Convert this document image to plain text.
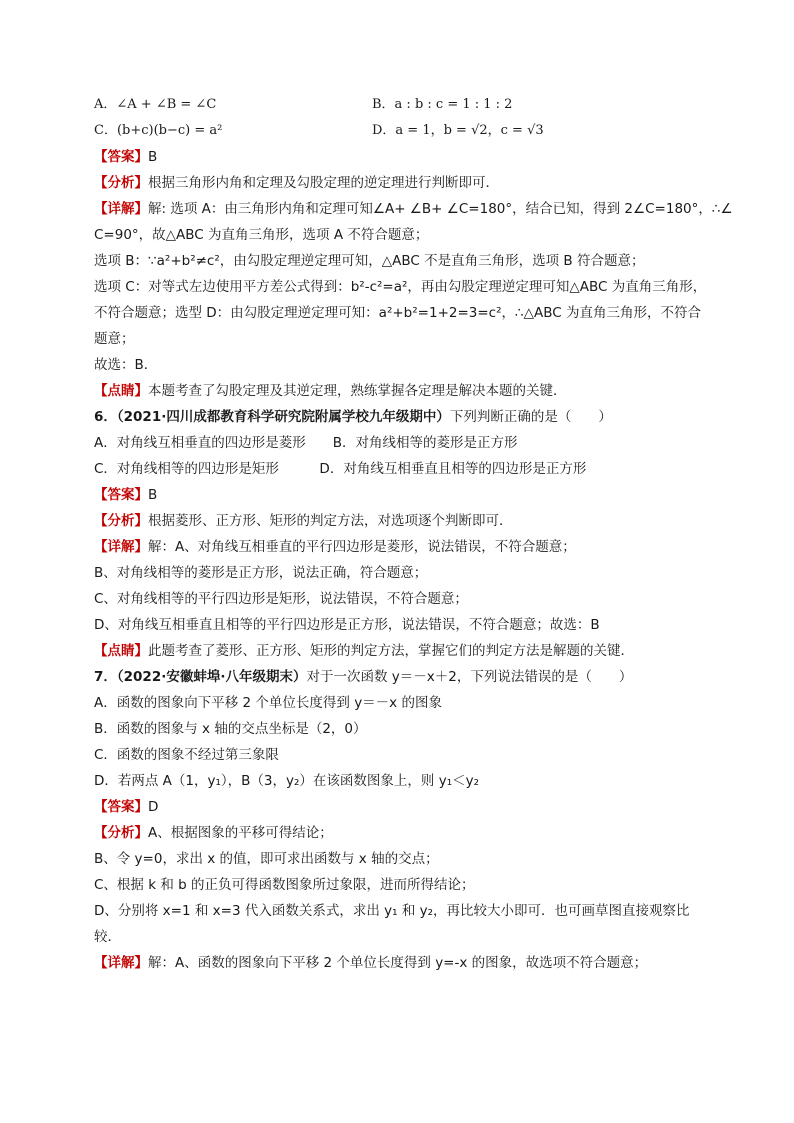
A．∠A + ∠B = ∠C	B．a : b : c = 1 : 1 : 2
C．(b+c)(b−c) = a²	D．a = 1，b = √2，c = √3
【答案】B
【分析】根据三角形内角和定理及勾股定理的逆定理进行判断即可．
【详解】解: 选项 A：由三角形内角和定理可知∠A+ ∠B+ ∠C=180°，结合已知，得到 2∠C=180°，∴∠
C=90°，故△ABC 为直角三角形，选项 A 不符合题意；
选项 B：∵a²+b²≠c²，由勾股定理逆定理可知，△ABC 不是直角三角形，选项 B 符合题意；
选项 C：对等式左边使用平方差公式得到：b²-c²=a²，再由勾股定理逆定理可知△ABC 为直角三角形，
不符合题意；选型 D：由勾股定理逆定理可知：a²+b²=1+2=3=c²，∴△ABC 为直角三角形，不符合
题意；
故选：B．
【点睛】本题考查了勾股定理及其逆定理，熟练掌握各定理是解决本题的关键．
6．（2021·四川成都教育科学研究院附属学校九年级期中）下列判断正确的是（　　）
A．对角线互相垂直的四边形是菱形　　B．对角线相等的菱形是正方形
C．对角线相等的四边形是矩形　　　D．对角线互相垂直且相等的四边形是正方形
【答案】B
【分析】根据菱形、正方形、矩形的判定方法，对选项逐个判断即可．
【详解】解：A、对角线互相垂直的平行四边形是菱形，说法错误，不符合题意；
B、对角线相等的菱形是正方形，说法正确，符合题意；
C、对角线相等的平行四边形是矩形，说法错误，不符合题意；
D、对角线互相垂直且相等的平行四边形是正方形，说法错误，不符合题意；故选：B
【点睛】此题考查了菱形、正方形、矩形的判定方法，掌握它们的判定方法是解题的关键．
7．（2022·安徽蚌埠·八年级期末）对于一次函数 y＝－x＋2，下列说法错误的是（　　）
A．函数的图象向下平移 2 个单位长度得到 y＝－x 的图象
B．函数的图象与 x 轴的交点坐标是（2，0）
C．函数的图象不经过第三象限
D．若两点 A（1，y₁），B（3，y₂）在该函数图象上，则 y₁＜y₂
【答案】D
【分析】A、根据图象的平移可得结论；
B、令 y=0，求出 x 的值，即可求出函数与 x 轴的交点；
C、根据 k 和 b 的正负可得函数图象所过象限，进而所得结论；
D、分别将 x=1 和 x=3 代入函数关系式，求出 y₁ 和 y₂，再比较大小即可．也可画草图直接观察比
较．
【详解】解：A、函数的图象向下平移 2 个单位长度得到 y=-x 的图象，故选项不符合题意；
